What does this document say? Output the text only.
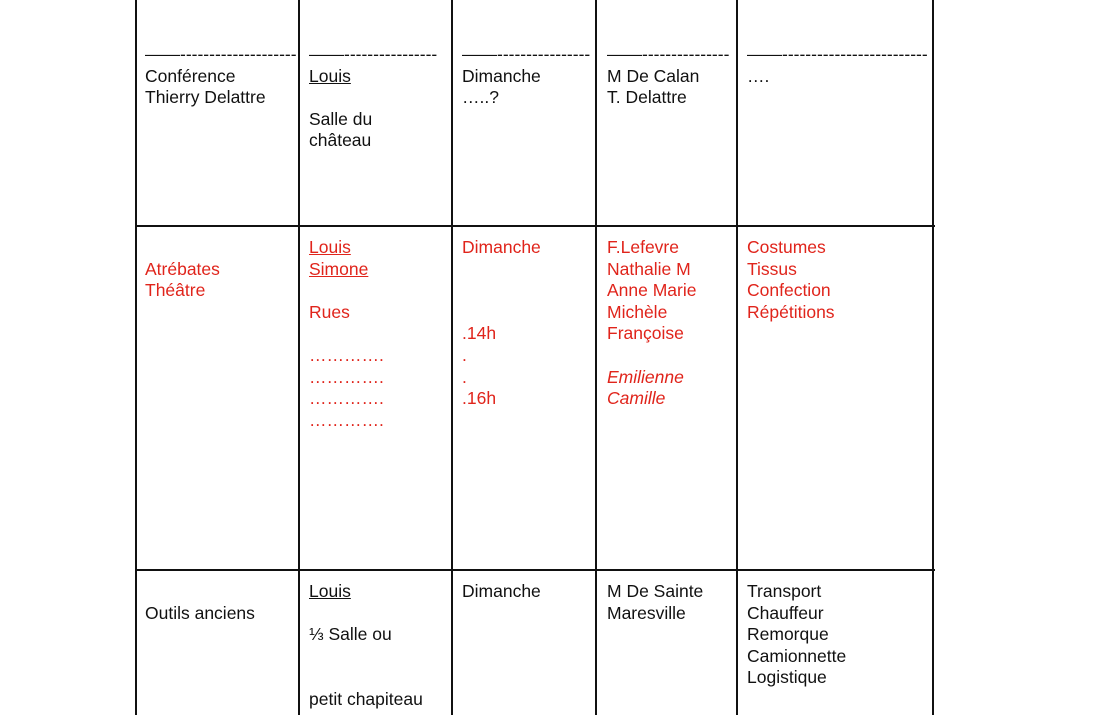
——--------------------
Conférence
Thierry Delattre
——----------------
Louis
Salle du
château
——----------------
Dimanche
…..?
——---------------
M De Calan
T. Delattre
——-------------------------
….
Atrébates
Théâtre
Louis
Simone
Rues
………….
………….
………….
………….
Dimanche
.14h
.
.
.16h
F.Lefevre
Nathalie M
Anne Marie
Michèle
Françoise
Emilienne
Camille
Costumes
Tissus
Confection
Répétitions
Outils anciens
Louis
⅓ Salle ou
petit chapiteau
Dimanche	M De Sainte
Maresville
Transport
Chauffeur
Remorque
Camionnette
Logistique
